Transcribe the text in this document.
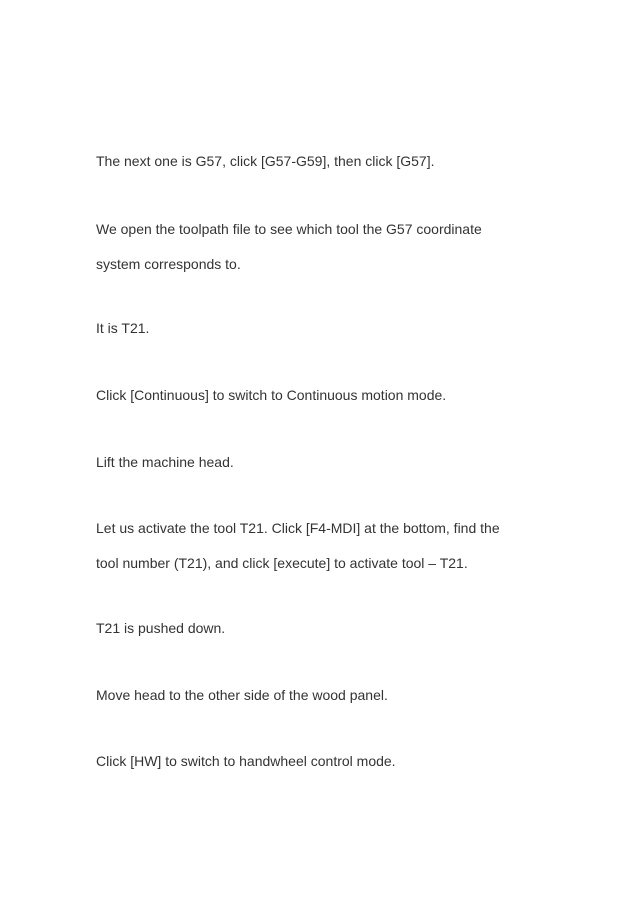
The next one is G57, click [G57-G59], then click [G57].

We open the toolpath file to see which tool the G57 coordinate

system corresponds to.

It is T21.

Click [Continuous] to switch to Continuous motion mode.

Lift the machine head.

Let us activate the tool T21. Click [F4-MDI] at the bottom, find the

tool number (T21), and click [execute] to activate tool – T21.

T21 is pushed down.

Move head to the other side of the wood panel.

Click [HW] to switch to handwheel control mode.
